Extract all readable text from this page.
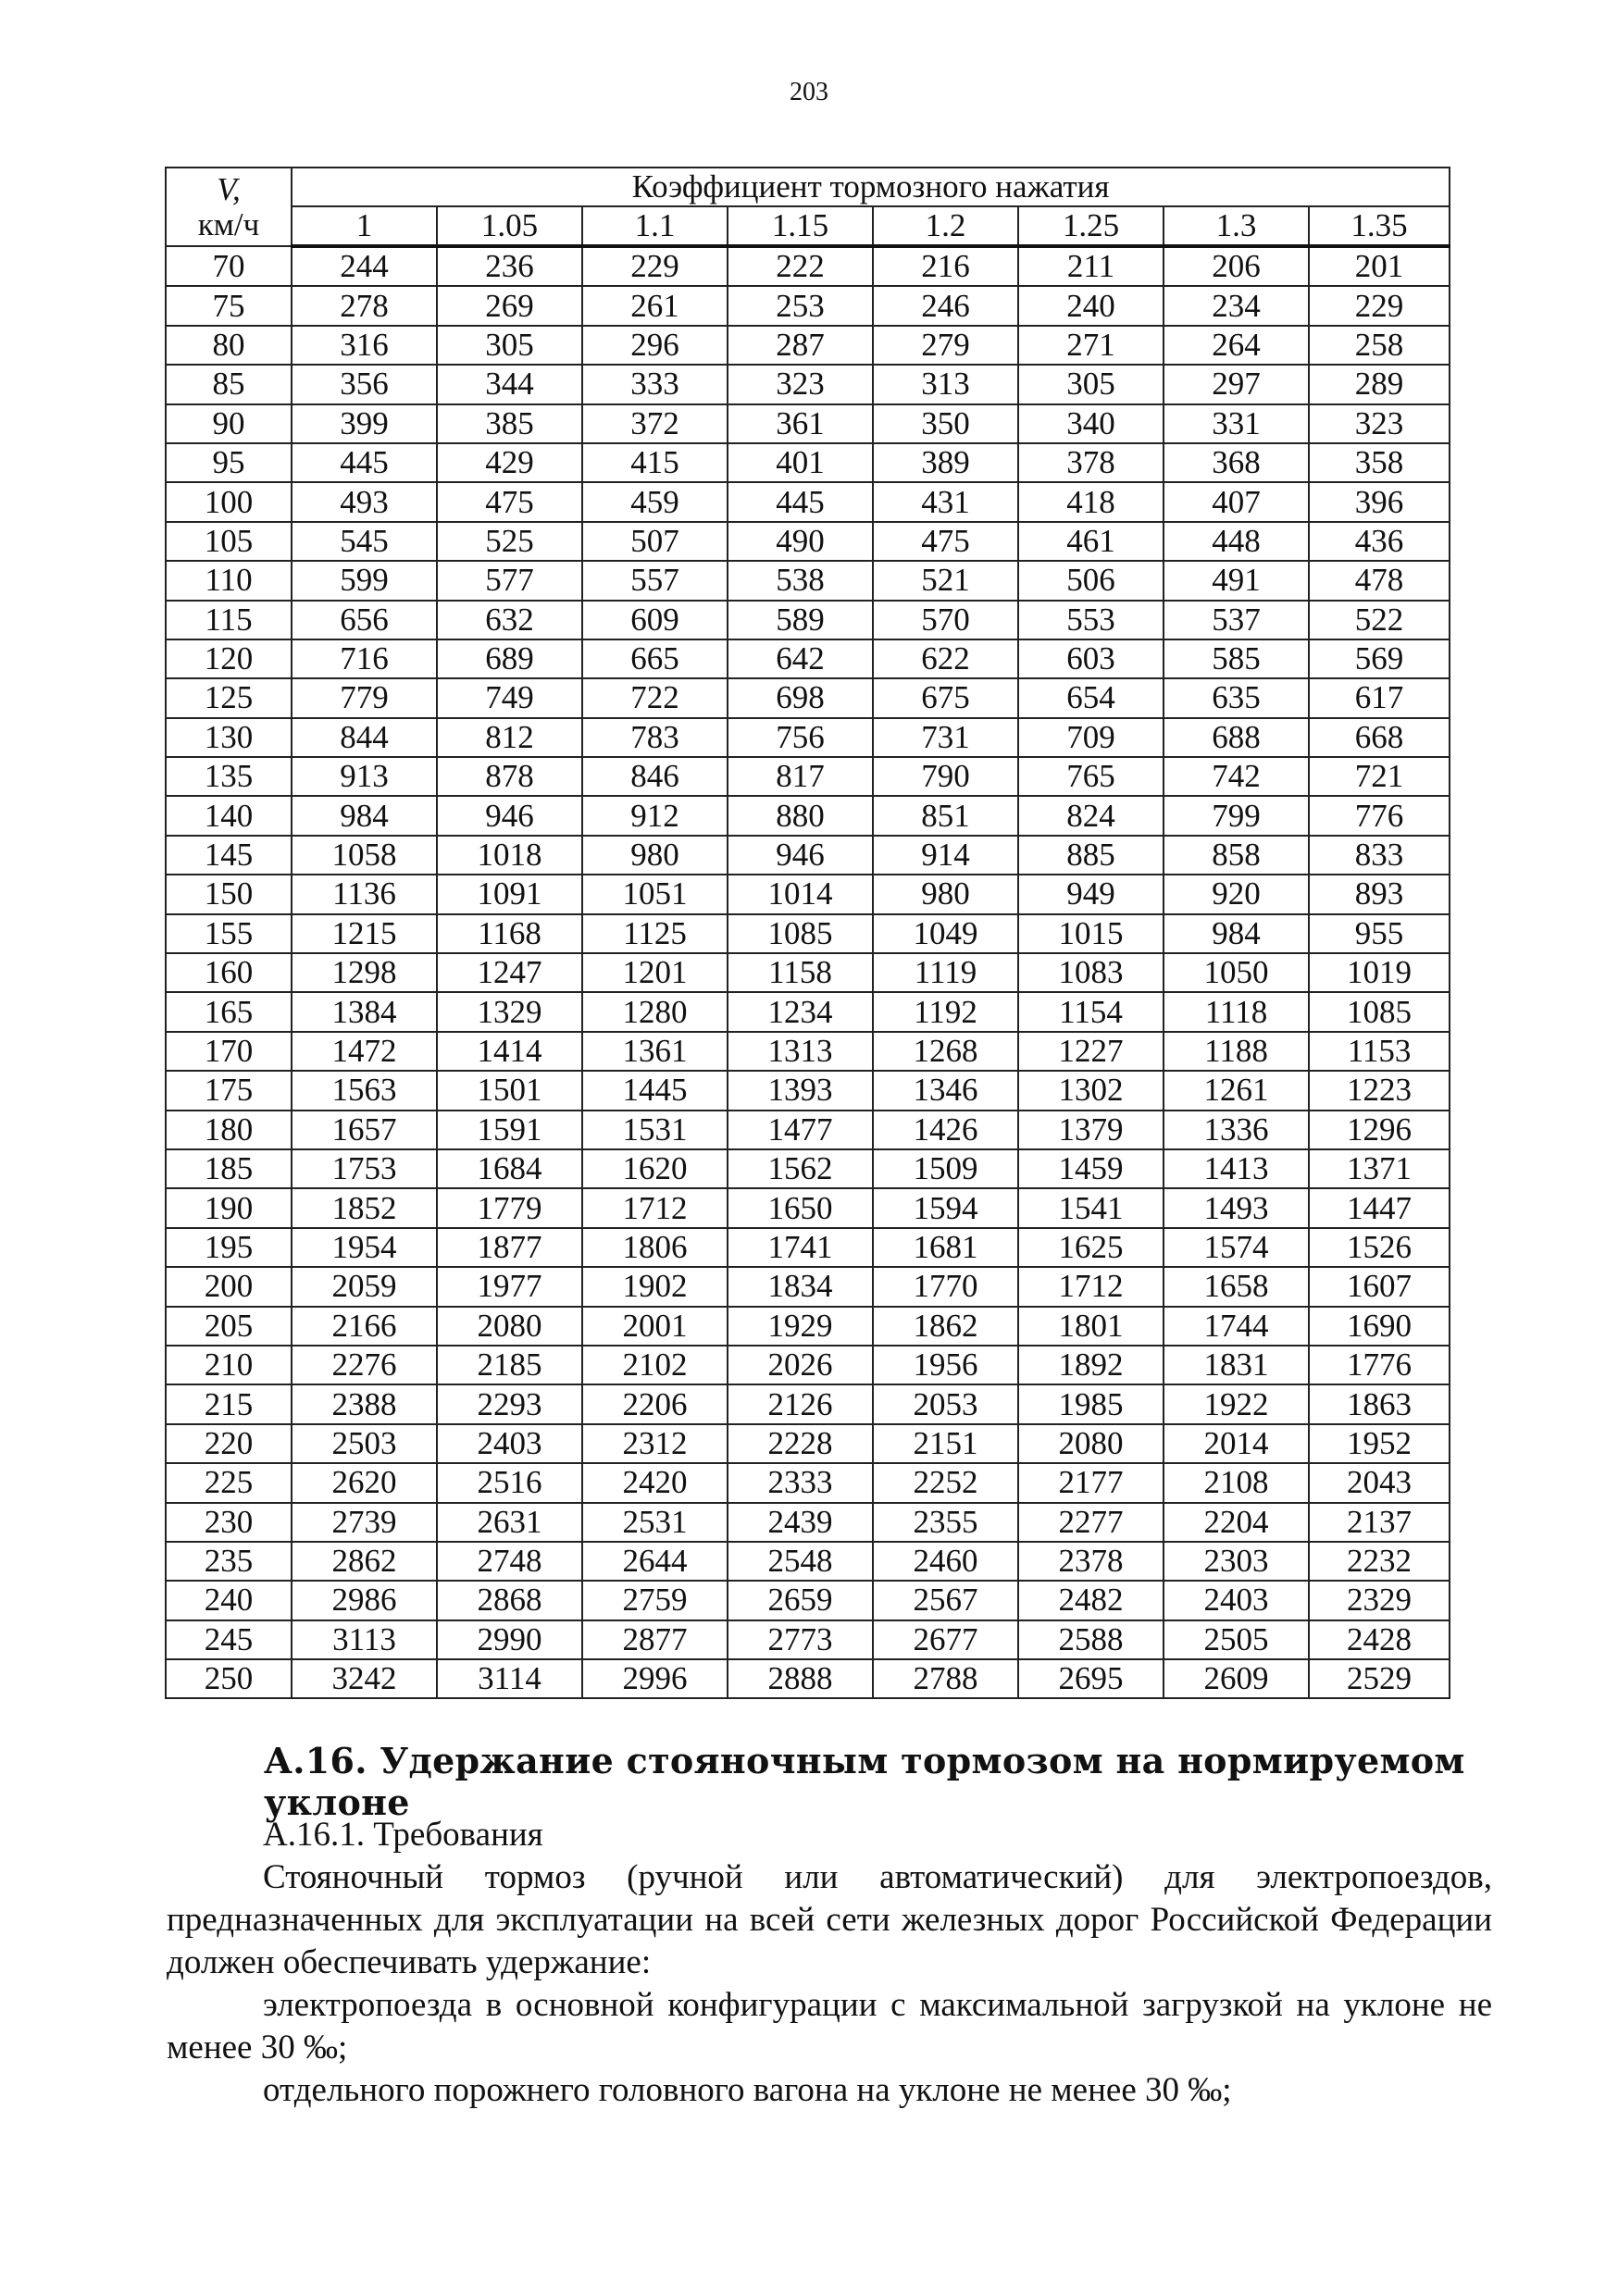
203
V,
км/ч	Коэффициент тормозного нажатия							
	1	1.05	1.1	1.15	1.2	1.25	1.3	1.35
70	244	236	229	222	216	211	206	201
75	278	269	261	253	246	240	234	229
80	316	305	296	287	279	271	264	258
85	356	344	333	323	313	305	297	289
90	399	385	372	361	350	340	331	323
95	445	429	415	401	389	378	368	358
100	493	475	459	445	431	418	407	396
105	545	525	507	490	475	461	448	436
110	599	577	557	538	521	506	491	478
115	656	632	609	589	570	553	537	522
120	716	689	665	642	622	603	585	569
125	779	749	722	698	675	654	635	617
130	844	812	783	756	731	709	688	668
135	913	878	846	817	790	765	742	721
140	984	946	912	880	851	824	799	776
145	1058	1018	980	946	914	885	858	833
150	1136	1091	1051	1014	980	949	920	893
155	1215	1168	1125	1085	1049	1015	984	955
160	1298	1247	1201	1158	1119	1083	1050	1019
165	1384	1329	1280	1234	1192	1154	1118	1085
170	1472	1414	1361	1313	1268	1227	1188	1153
175	1563	1501	1445	1393	1346	1302	1261	1223
180	1657	1591	1531	1477	1426	1379	1336	1296
185	1753	1684	1620	1562	1509	1459	1413	1371
190	1852	1779	1712	1650	1594	1541	1493	1447
195	1954	1877	1806	1741	1681	1625	1574	1526
200	2059	1977	1902	1834	1770	1712	1658	1607
205	2166	2080	2001	1929	1862	1801	1744	1690
210	2276	2185	2102	2026	1956	1892	1831	1776
215	2388	2293	2206	2126	2053	1985	1922	1863
220	2503	2403	2312	2228	2151	2080	2014	1952
225	2620	2516	2420	2333	2252	2177	2108	2043
230	2739	2631	2531	2439	2355	2277	2204	2137
235	2862	2748	2644	2548	2460	2378	2303	2232
240	2986	2868	2759	2659	2567	2482	2403	2329
245	3113	2990	2877	2773	2677	2588	2505	2428
250	3242	3114	2996	2888	2788	2695	2609	2529
А.16. Удержание стояночным тормозом на нормируемом уклоне

А.16.1. Требования

Стояночный тормоз (ручной или автоматический) для электропоездов, предназначенных для эксплуатации на всей сети железных дорог Российской Федерации должен обеспечивать удержание:

электропоезда в основной конфигурации с максимальной загрузкой на уклоне не менее 30 ‰;

отдельного порожнего головного вагона на уклоне не менее 30 ‰;
